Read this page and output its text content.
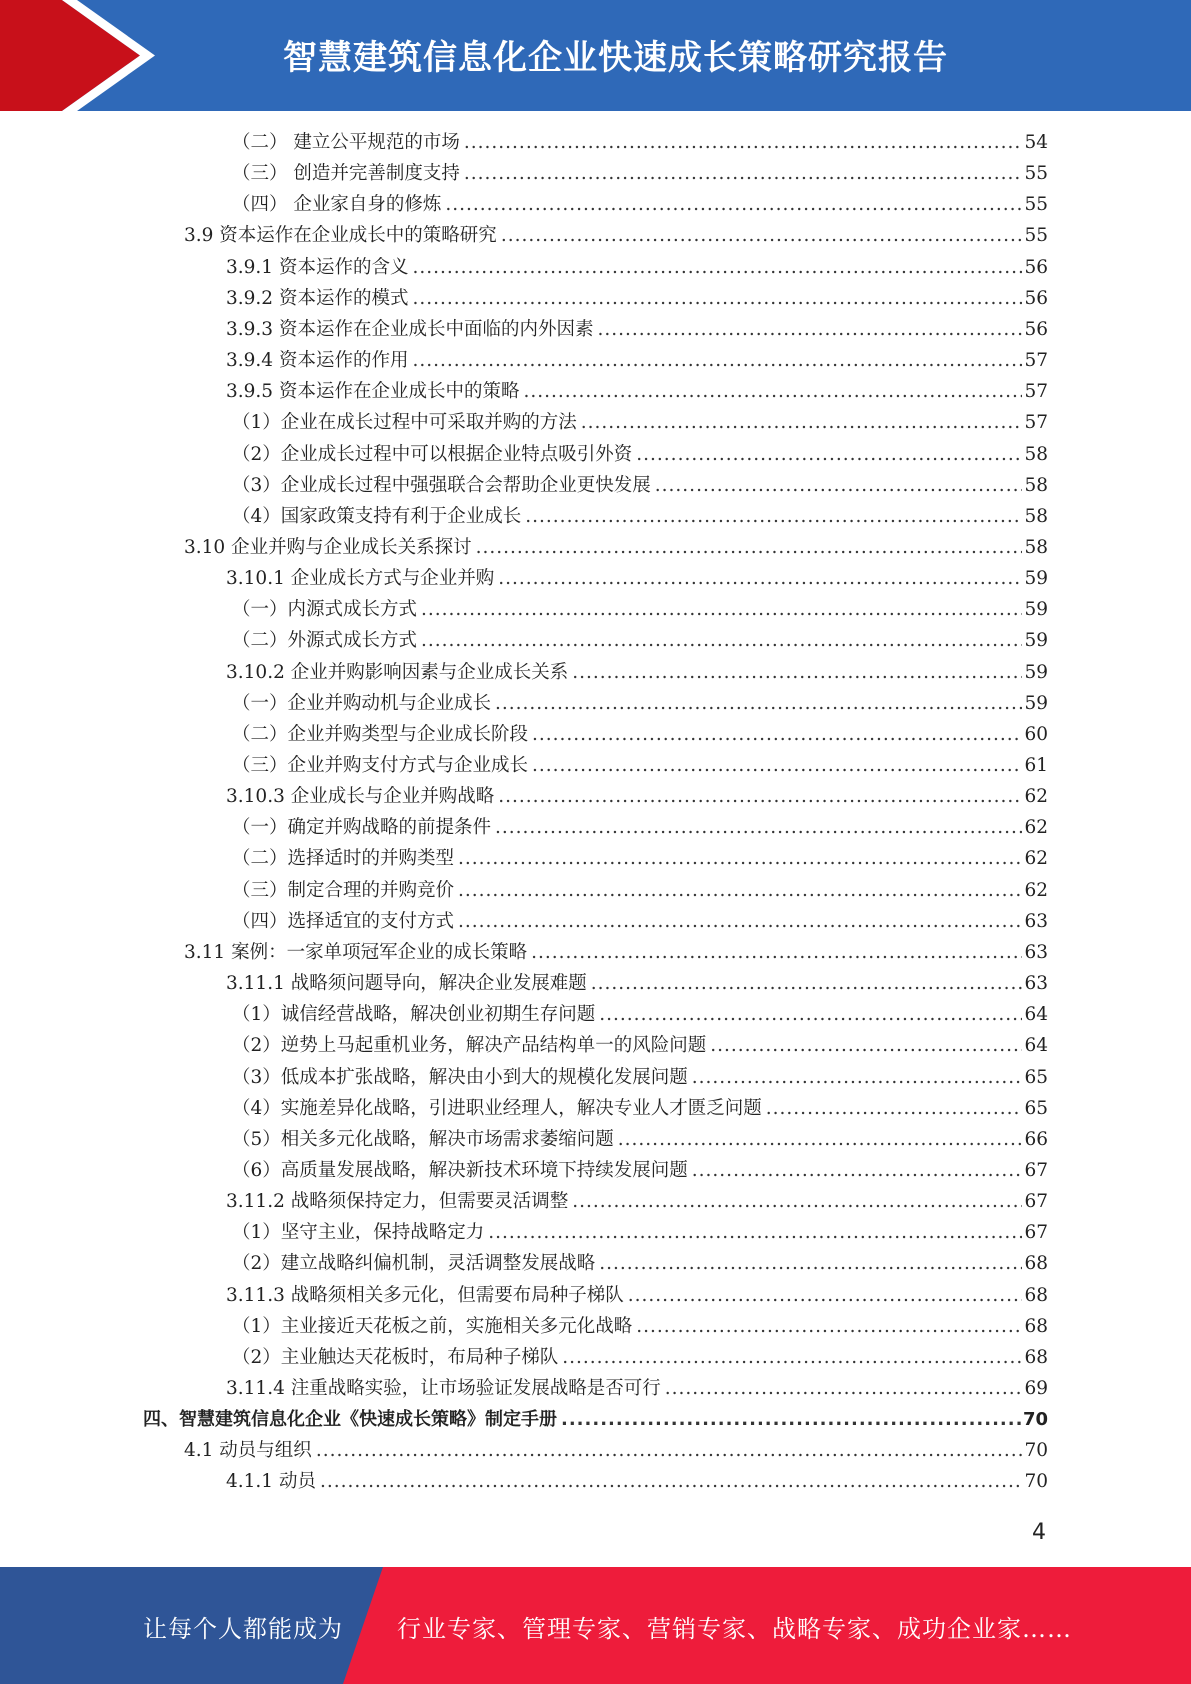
智慧建筑信息化企业快速成长策略研究报告
（二） 建立公平规范的市场 .....	54
（三） 创造并完善制度支持 .....	55
（四） 企业家自身的修炼 .....	55
3.9 资本运作在企业成长中的策略研究 .....	55
3.9.1 资本运作的含义 .....	56
3.9.2 资本运作的模式 .....	56
3.9.3 资本运作在企业成长中面临的内外因素 .....	56
3.9.4 资本运作的作用 .....	57
3.9.5 资本运作在企业成长中的策略 .....	57
（1）企业在成长过程中可采取并购的方法 .....	57
（2）企业成长过程中可以根据企业特点吸引外资 .....	58
（3）企业成长过程中强强联合会帮助企业更快发展 .....	58
（4）国家政策支持有利于企业成长 .....	58
3.10 企业并购与企业成长关系探讨 .....	58
3.10.1 企业成长方式与企业并购 .....	59
（一）内源式成长方式 .....	59
（二）外源式成长方式 .....	59
3.10.2 企业并购影响因素与企业成长关系 .....	59
（一）企业并购动机与企业成长 .....	59
（二）企业并购类型与企业成长阶段 .....	60
（三）企业并购支付方式与企业成长 .....	61
3.10.3 企业成长与企业并购战略 .....	62
（一）确定并购战略的前提条件 .....	62
（二）选择适时的并购类型 .....	62
（三）制定合理的并购竞价 .....	62
（四）选择适宜的支付方式 .....	63
3.11 案例：一家单项冠军企业的成长策略 .....	63
3.11.1 战略须问题导向，解决企业发展难题 .....	63
（1）诚信经营战略，解决创业初期生存问题 .....	64
（2）逆势上马起重机业务，解决产品结构单一的风险问题 .....	64
（3）低成本扩张战略，解决由小到大的规模化发展问题 .....	65
（4）实施差异化战略，引进职业经理人，解决专业人才匮乏问题 .....	65
（5）相关多元化战略，解决市场需求萎缩问题 .....	66
（6）高质量发展战略，解决新技术环境下持续发展问题 .....	67
3.11.2 战略须保持定力，但需要灵活调整 .....	67
（1）坚守主业，保持战略定力 .....	67
（2）建立战略纠偏机制，灵活调整发展战略 .....	68
3.11.3 战略须相关多元化，但需要布局种子梯队 .....	68
（1）主业接近天花板之前，实施相关多元化战略 .....	68
（2）主业触达天花板时，布局种子梯队 .....	68
3.11.4 注重战略实验，让市场验证发展战略是否可行 .....	69
四、智慧建筑信息化企业《快速成长策略》制定手册 .....	70
4.1 动员与组织 .....	70
4.1.1 动员 .....	70
4
让每个人都能成为 行业专家、管理专家、营销专家、战略专家、成功企业家……
